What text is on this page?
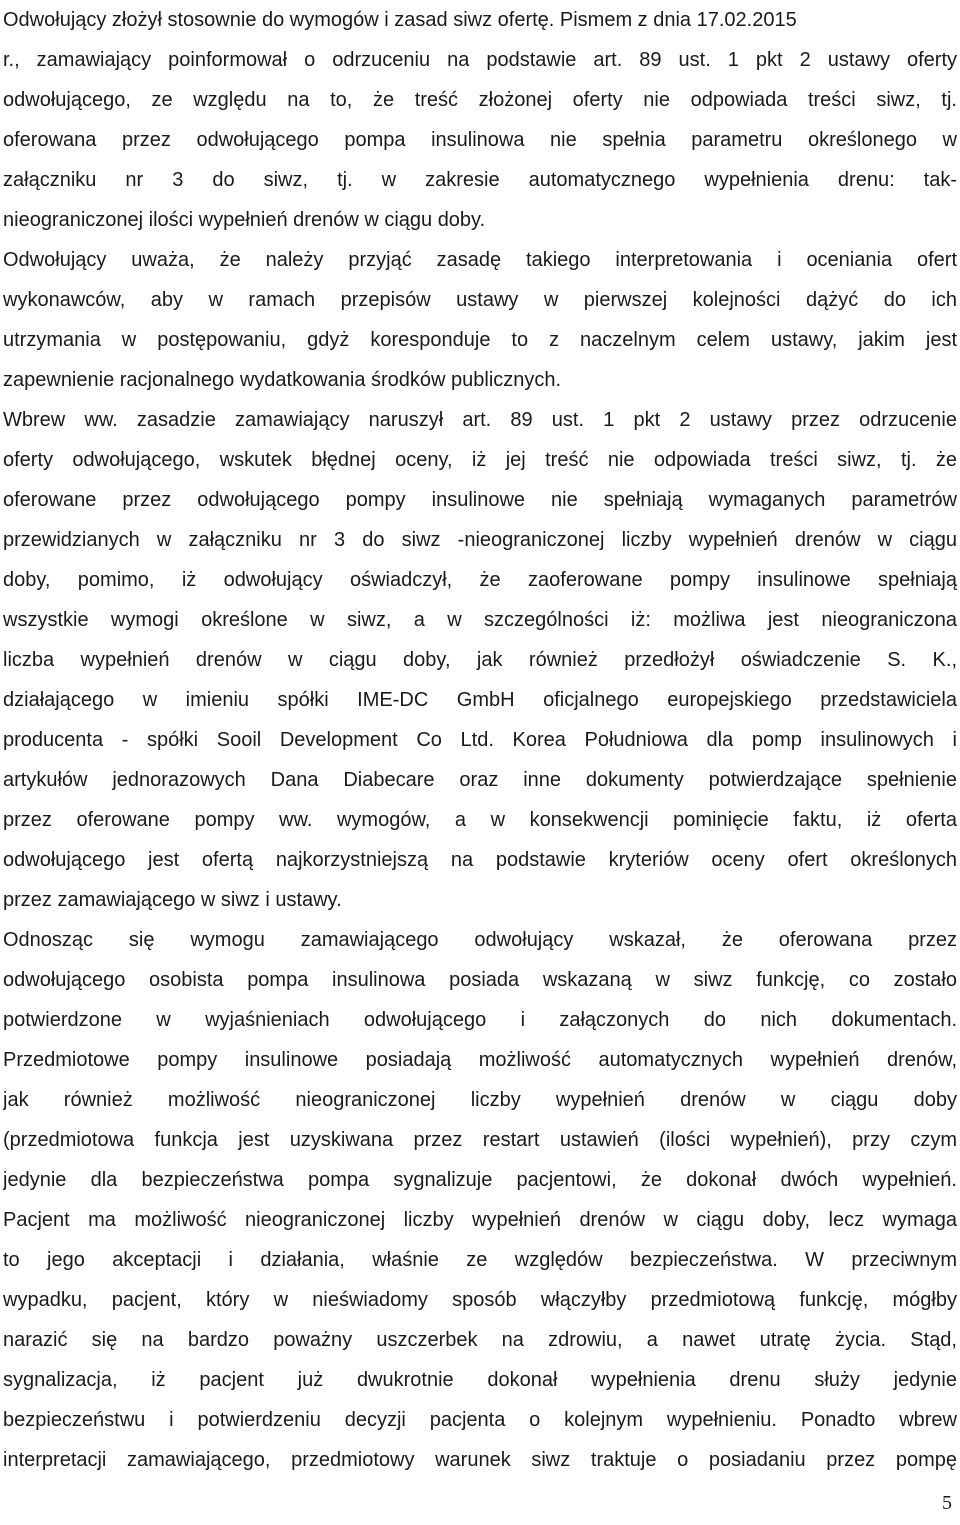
Odwołujący złożył stosownie do wymogów i zasad siwz ofertę. Pismem z dnia 17.02.2015
r., zamawiający poinformował o odrzuceniu na podstawie art. 89 ust. 1 pkt 2 ustawy oferty
odwołującego, ze względu na to, że treść złożonej oferty nie odpowiada treści siwz, tj.
oferowana przez odwołującego pompa insulinowa nie spełnia parametru określonego w
załączniku nr 3 do siwz, tj. w zakresie automatycznego wypełnienia drenu: tak-
nieograniczonej ilości wypełnień drenów w ciągu doby.
Odwołujący uważa, że należy przyjąć zasadę takiego interpretowania i oceniania ofert
wykonawców, aby w ramach przepisów ustawy w pierwszej kolejności dążyć do ich
utrzymania w postępowaniu, gdyż koresponduje to z naczelnym celem ustawy, jakim jest
zapewnienie racjonalnego wydatkowania środków publicznych.
Wbrew ww. zasadzie zamawiający naruszył art. 89 ust. 1 pkt 2 ustawy przez odrzucenie
oferty odwołującego, wskutek błędnej oceny, iż jej treść nie odpowiada treści siwz, tj. że
oferowane przez odwołującego pompy insulinowe nie spełniają wymaganych parametrów
przewidzianych w załączniku nr 3 do siwz -nieograniczonej liczby wypełnień drenów w ciągu
doby, pomimo, iż odwołujący oświadczył, że zaoferowane pompy insulinowe spełniają
wszystkie wymogi określone w siwz, a w szczególności iż: możliwa jest nieograniczona
liczba wypełnień drenów w ciągu doby, jak również przedłożył oświadczenie S. K.,
działającego w imieniu spółki IME-DC GmbH oficjalnego europejskiego przedstawiciela
producenta - spółki Sooil Development Co Ltd. Korea Południowa dla pomp insulinowych i
artykułów jednorazowych Dana Diabecare oraz inne dokumenty potwierdzające spełnienie
przez oferowane pompy ww. wymogów, a w konsekwencji pominięcie faktu, iż oferta
odwołującego jest ofertą najkorzystniejszą na podstawie kryteriów oceny ofert określonych
przez zamawiającego w siwz i ustawy.
Odnosząc się wymogu zamawiającego odwołujący wskazał, że oferowana przez
odwołującego osobista pompa insulinowa posiada wskazaną w siwz funkcję, co zostało
potwierdzone w wyjaśnieniach odwołującego i załączonych do nich dokumentach.
Przedmiotowe pompy insulinowe posiadają możliwość automatycznych wypełnień drenów,
jak również możliwość nieograniczonej liczby wypełnień drenów w ciągu doby
(przedmiotowa funkcja jest uzyskiwana przez restart ustawień (ilości wypełnień), przy czym
jedynie dla bezpieczeństwa pompa sygnalizuje pacjentowi, że dokonał dwóch wypełnień.
Pacjent ma możliwość nieograniczonej liczby wypełnień drenów w ciągu doby, lecz wymaga
to jego akceptacji i działania, właśnie ze względów bezpieczeństwa. W przeciwnym
wypadku, pacjent, który w nieświadomy sposób włączyłby przedmiotową funkcję, mógłby
narazić się na bardzo poważny uszczerbek na zdrowiu, a nawet utratę życia. Stąd,
sygnalizacja, iż pacjent już dwukrotnie dokonał wypełnienia drenu służy jedynie
bezpieczeństwu i potwierdzeniu decyzji pacjenta o kolejnym wypełnieniu. Ponadto wbrew
interpretacji zamawiającego, przedmiotowy warunek siwz traktuje o posiadaniu przez pompę
5
